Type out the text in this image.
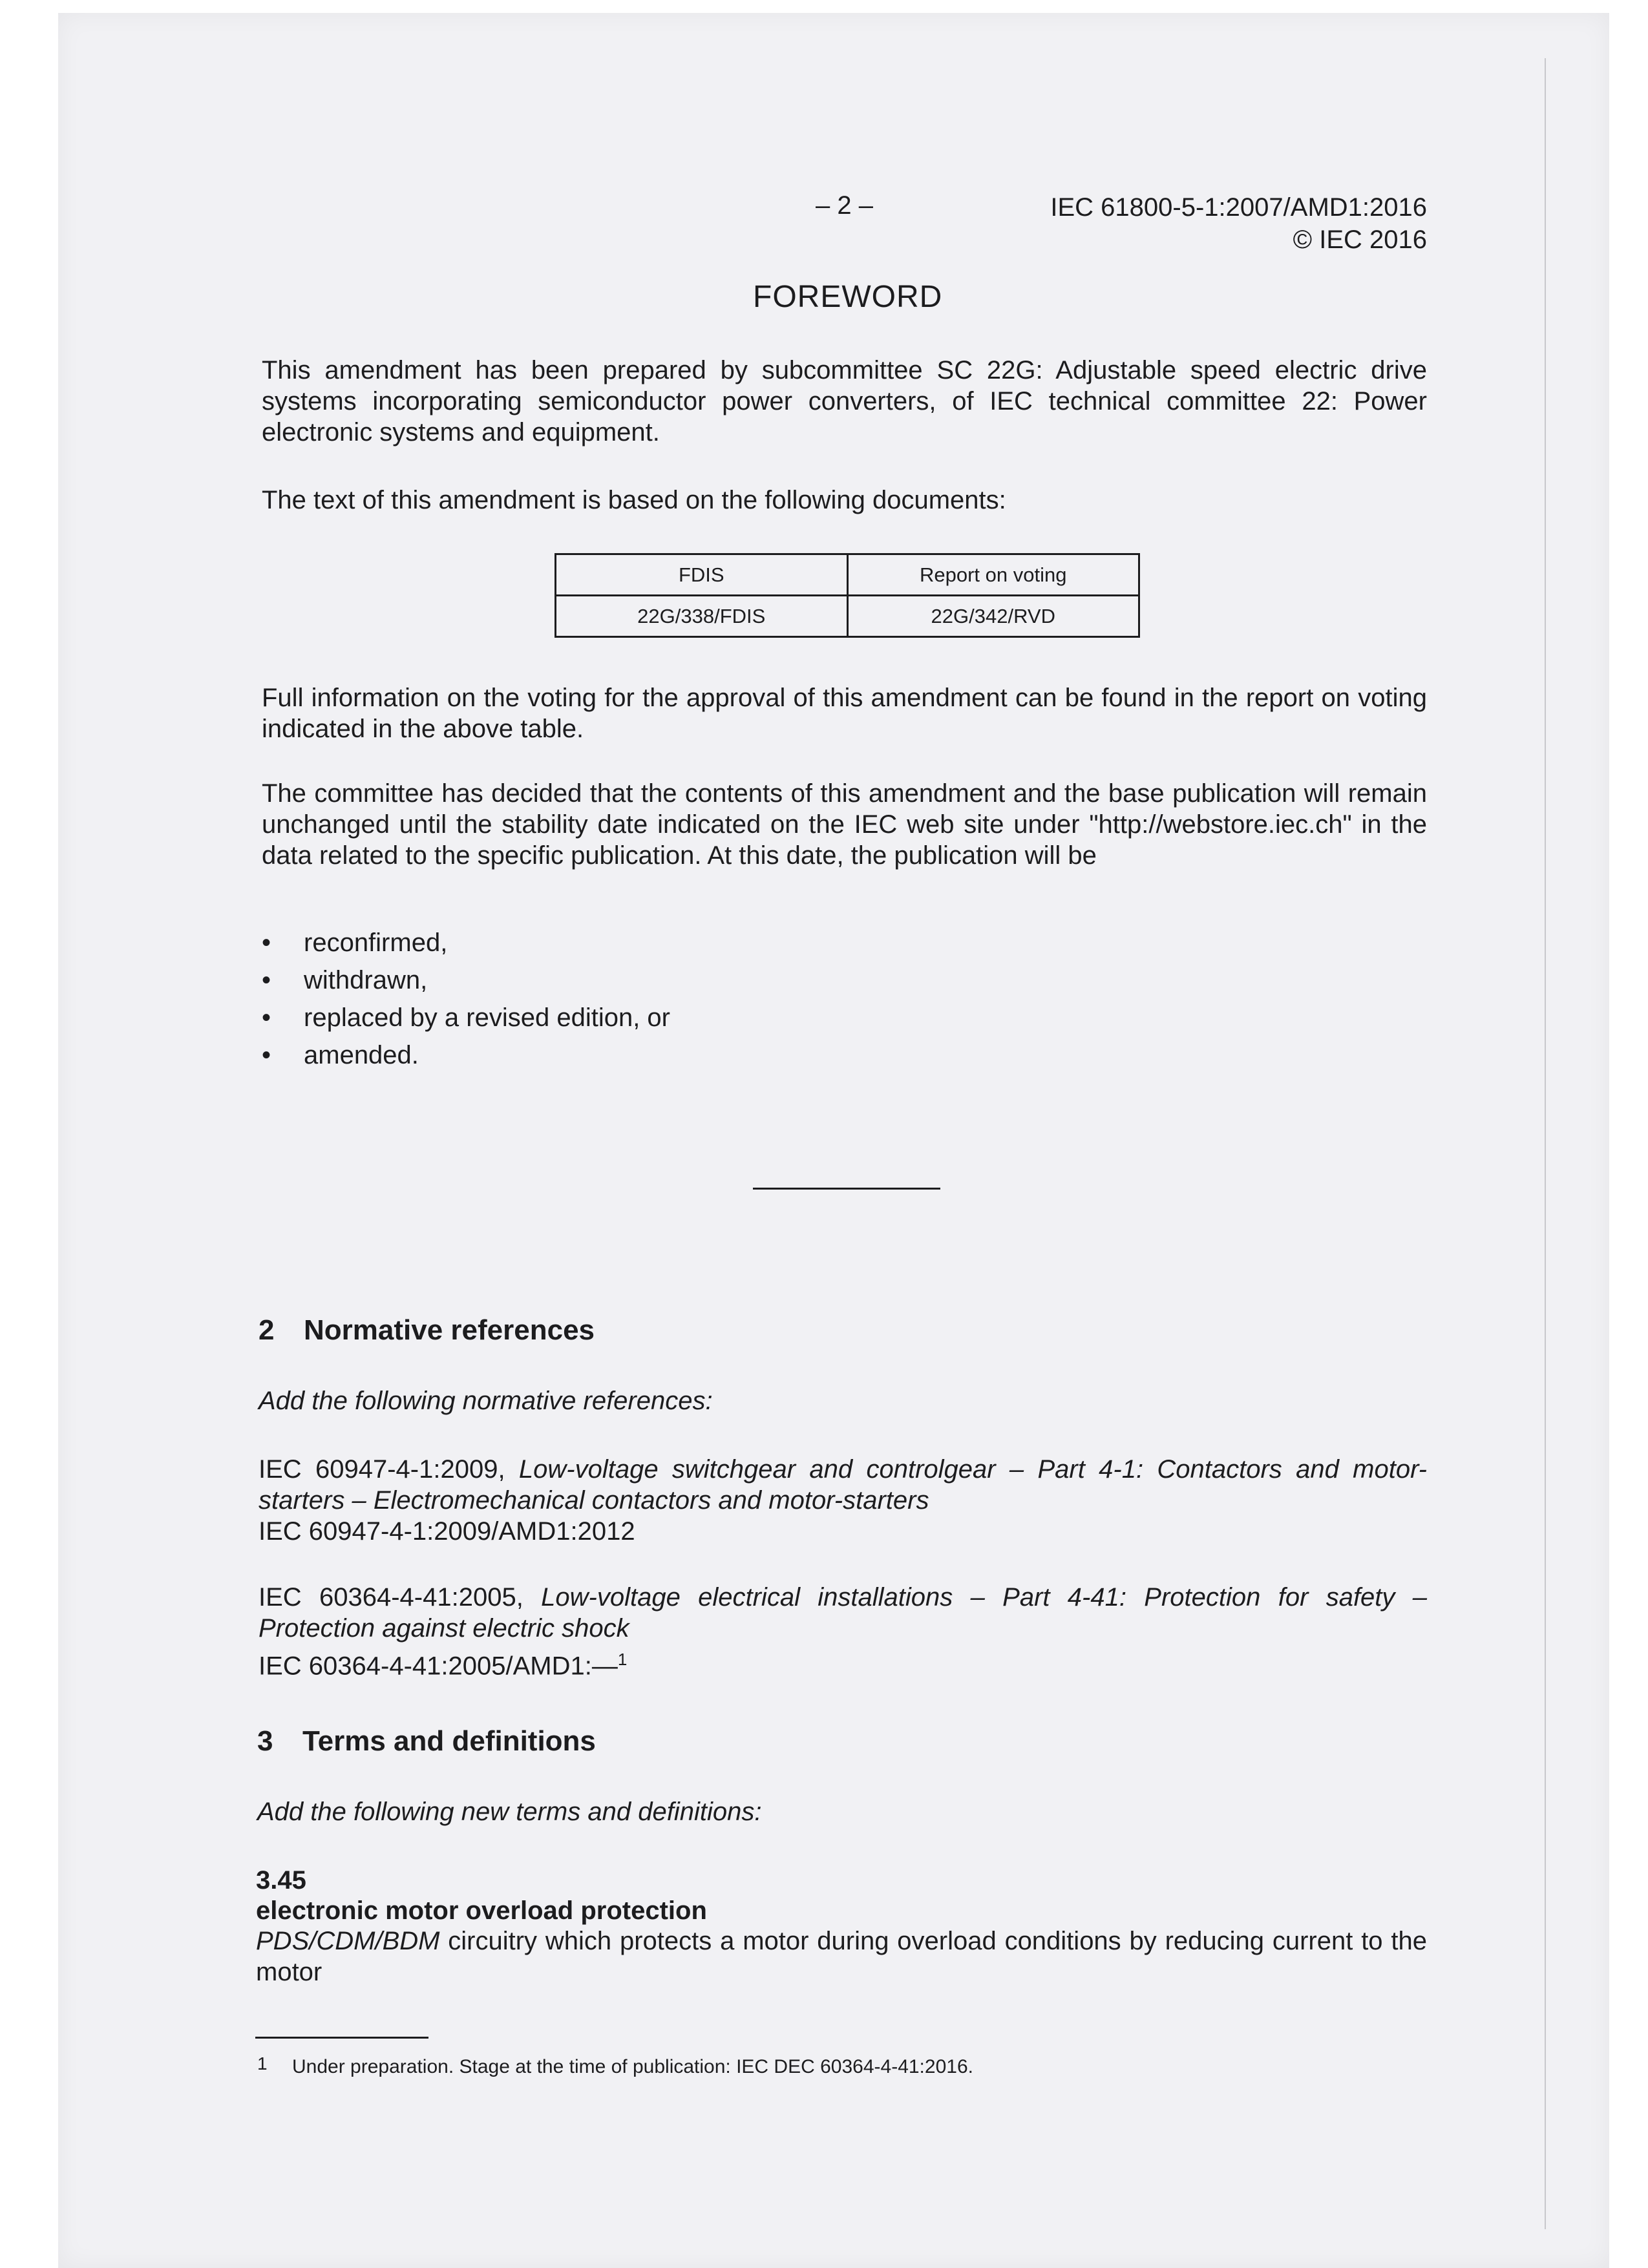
– 2 –	IEC 61800-5-1:2007/AMD1:2016
© IEC 2016
FOREWORD
This amendment has been prepared by subcommittee SC 22G: Adjustable speed electric drive systems incorporating semiconductor power converters, of IEC technical committee 22: Power electronic systems and equipment.
The text of this amendment is based on the following documents:
FDIS	Report on voting
22G/338/FDIS	22G/342/RVD
Full information on the voting for the approval of this amendment can be found in the report on voting indicated in the above table.
The committee has decided that the contents of this amendment and the base publication will remain unchanged until the stability date indicated on the IEC web site under "http://webstore.iec.ch" in the data related to the specific publication. At this date, the publication will be
• reconfirmed,
• withdrawn,
• replaced by a revised edition, or
• amended.
2 Normative references
Add the following normative references:
IEC 60947-4-1:2009, Low-voltage switchgear and controlgear – Part 4-1: Contactors and motor-starters – Electromechanical contactors and motor-starters
IEC 60947-4-1:2009/AMD1:2012
IEC 60364-4-41:2005, Low-voltage electrical installations – Part 4-41: Protection for safety – Protection against electric shock
IEC 60364-4-41:2005/AMD1:—$^1$
3 Terms and definitions
Add the following new terms and definitions:
3.45
electronic motor overload protection
PDS/CDM/BDM circuitry which protects a motor during overload conditions by reducing current to the motor
1 Under preparation. Stage at the time of publication: IEC DEC 60364-4-41:2016.
